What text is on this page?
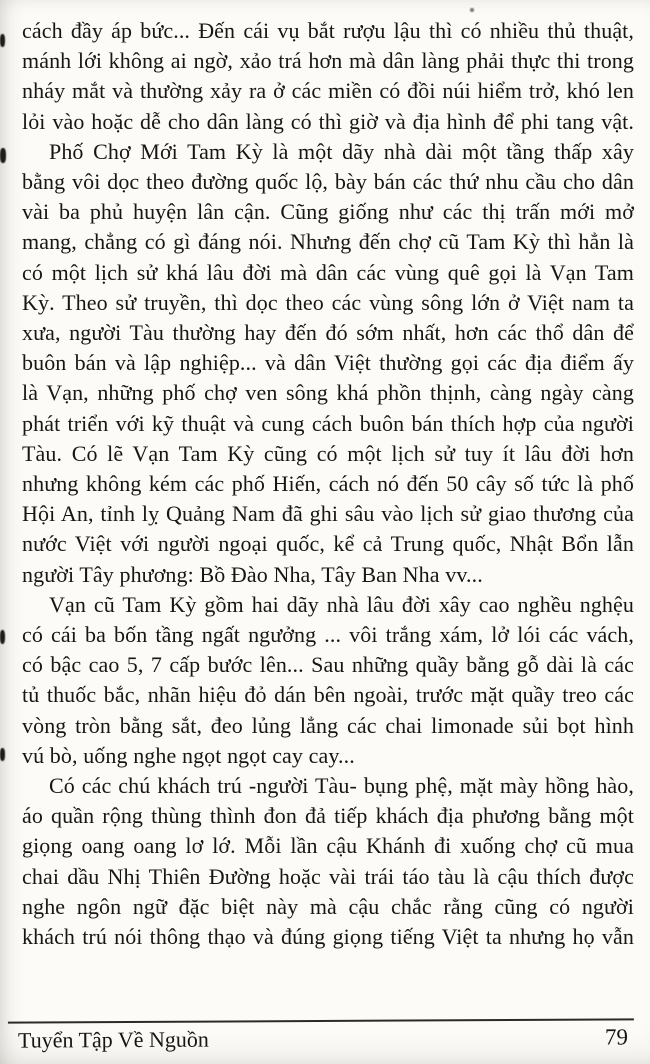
cách đầy áp bức... Đến cái vụ bắt rượu lậu thì có nhiều thủ thuật,
mánh lới không ai ngờ, xảo trá hơn mà dân làng phải thực thi trong
nháy mắt và thường xảy ra ở các miền có đồi núi hiểm trở, khó len
lỏi vào hoặc dễ cho dân làng có thì giờ và địa hình để phi tang vật.
Phố Chợ Mới Tam Kỳ là một dãy nhà dài một tầng thấp xây
bằng vôi dọc theo đường quốc lộ, bày bán các thứ nhu cầu cho dân
vài ba phủ huyện lân cận. Cũng giống như các thị trấn mới mở
mang, chẳng có gì đáng nói. Nhưng đến chợ cũ Tam Kỳ thì hẳn là
có một lịch sử khá lâu đời mà dân các vùng quê gọi là Vạn Tam
Kỳ. Theo sử truyền, thì dọc theo các vùng sông lớn ở Việt nam ta
xưa, người Tàu thường hay đến đó sớm nhất, hơn các thổ dân để
buôn bán và lập nghiệp... và dân Việt thường gọi các địa điểm ấy
là Vạn, những phố chợ ven sông khá phồn thịnh, càng ngày càng
phát triển với kỹ thuật và cung cách buôn bán thích hợp của người
Tàu. Có lẽ Vạn Tam Kỳ cũng có một lịch sử tuy ít lâu đời hơn
nhưng không kém các phố Hiến, cách nó đến 50 cây số tức là phố
Hội An, tỉnh lỵ Quảng Nam đã ghi sâu vào lịch sử giao thương của
nước Việt với người ngoại quốc, kể cả Trung quốc, Nhật Bổn lẫn
người Tây phương: Bồ Đào Nha, Tây Ban Nha vv...
Vạn cũ Tam Kỳ gồm hai dãy nhà lâu đời xây cao nghều nghệu
có cái ba bốn tầng ngất ngưởng ... vôi trắng xám, lở lói các vách,
có bậc cao 5, 7 cấp bước lên... Sau những quầy bằng gỗ dài là các
tủ thuốc bắc, nhãn hiệu đỏ dán bên ngoài, trước mặt quầy treo các
vòng tròn bằng sắt, đeo lủng lẳng các chai limonade sủi bọt hình
vú bò, uống nghe ngọt ngọt cay cay...
Có các chú khách trú -người Tàu- bụng phệ, mặt mày hồng hào,
áo quần rộng thùng thình đon đả tiếp khách địa phương bằng một
giọng oang oang lơ lớ. Mỗi lần cậu Khánh đi xuống chợ cũ mua
chai dầu Nhị Thiên Đường hoặc vài trái táo tàu là cậu thích được
nghe ngôn ngữ đặc biệt này mà cậu chắc rằng cũng có người
khách trú nói thông thạo và đúng giọng tiếng Việt ta nhưng họ vẫn
Tuyển Tập Về Nguồn	79
